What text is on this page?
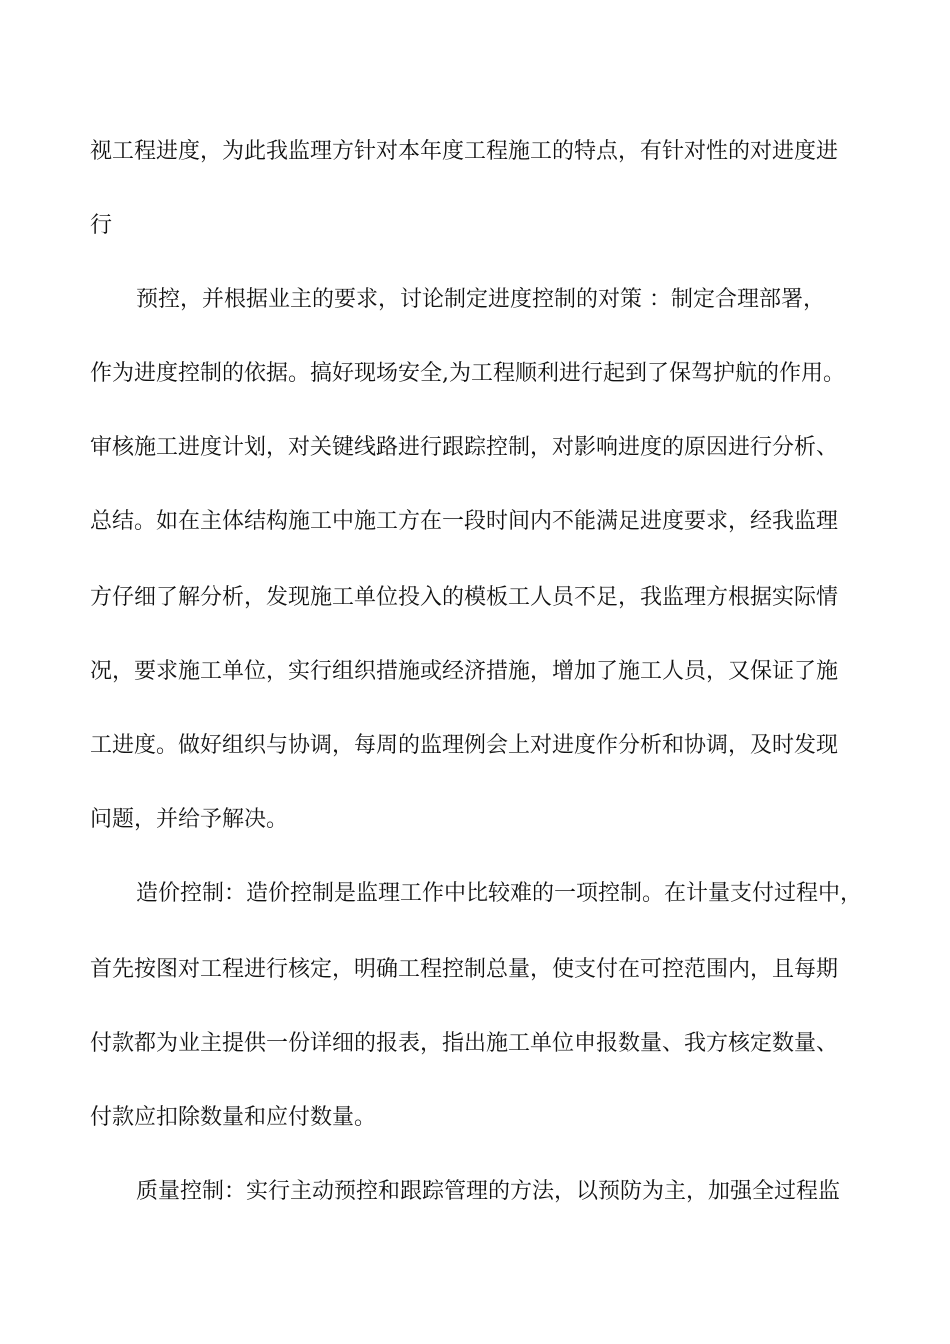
视工程进度，为此我监理方针对本年度工程施工的特点，有针对性的对进度进

行

预控，并根据业主的要求，讨论制定进度控制的对策 ：制定合理部署，

作为进度控制的依据。搞好现场安全,为工程顺利进行起到了保驾护航的作用。

审核施工进度计划，对关键线路进行跟踪控制，对影响进度的原因进行分析、

总结。如在主体结构施工中施工方在一段时间内不能满足进度要求，经我监理

方仔细了解分析，发现施工单位投入的模板工人员不足，我监理方根据实际情

况，要求施工单位，实行组织措施或经济措施，增加了施工人员，又保证了施

工进度。做好组织与协调，每周的监理例会上对进度作分析和协调，及时发现

问题，并给予解决。

造价控制：造价控制是监理工作中比较难的一项控制。在计量支付过程中，

首先按图对工程进行核定，明确工程控制总量，使支付在可控范围内，且每期

付款都为业主提供一份详细的报表，指出施工单位申报数量、我方核定数量、

付款应扣除数量和应付数量。

质量控制：实行主动预控和跟踪管理的方法，以预防为主，加强全过程监
